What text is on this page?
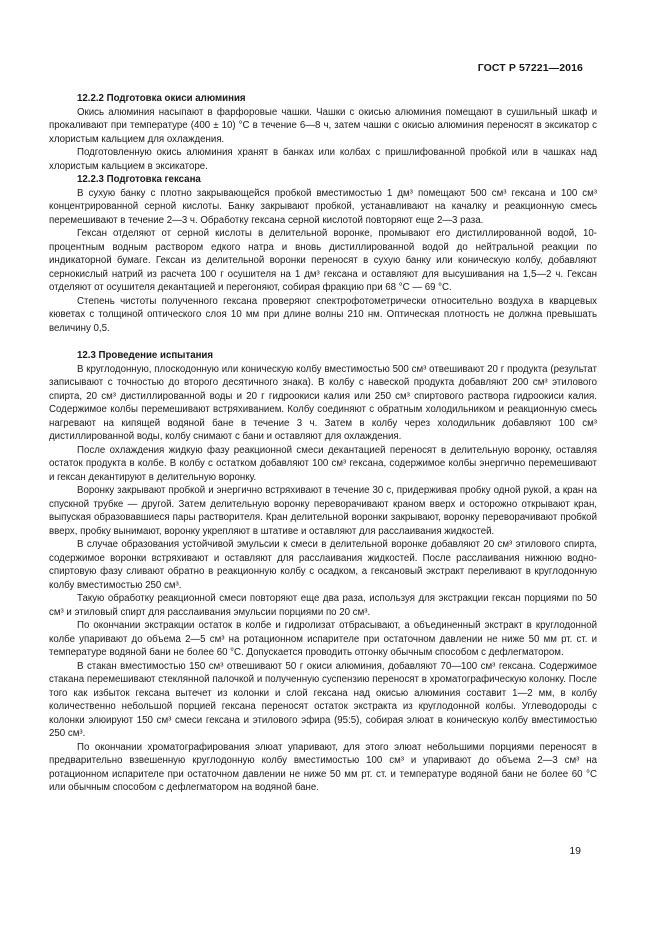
ГОСТ Р 57221—2016
12.2.2 Подготовка окиси алюминия

Окись алюминия насыпают в фарфоровые чашки. Чашки с окисью алюминия помещают в сушильный шкаф и прокаливают при температуре (400 ± 10) °C в течение 6—8 ч, затем чашки с окисью алюминия переносят в эксикатор с хлористым кальцием для охлаждения.

Подготовленную окись алюминия хранят в банках или колбах с пришлифованной пробкой или в чашках над хлористым кальцием в эксикаторе.

12.2.3 Подготовка гексана

В сухую банку с плотно закрывающейся пробкой вместимостью 1 дм³ помещают 500 см³ гексана и 100 см³ концентрированной серной кислоты. Банку закрывают пробкой, устанавливают на качалку и реакционную смесь перемешивают в течение 2—3 ч. Обработку гексана серной кислотой повторяют еще 2—3 раза.

Гексан отделяют от серной кислоты в делительной воронке, промывают его дистиллированной водой, 10-процентным водным раствором едкого натра и вновь дистиллированной водой до нейтральной реакции по индикаторной бумаге. Гексан из делительной воронки переносят в сухую банку или коническую колбу, добавляют сернокислый натрий из расчета 100 г осушителя на 1 дм³ гексана и оставляют для высушивания на 1,5—2 ч. Гексан отделяют от осушителя декантацией и перегоняют, собирая фракцию при 68 °C — 69 °C.

Степень чистоты полученного гексана проверяют спектрофотометрически относительно воздуха в кварцевых кюветах с толщиной оптического слоя 10 мм при длине волны 210 нм. Оптическая плотность не должна превышать величину 0,5.

12.3 Проведение испытания

В круглодонную, плоскодонную или коническую колбу вместимостью 500 см³ отвешивают 20 г продукта (результат записывают с точностью до второго десятичного знака). В колбу с навеской продукта добавляют 200 см³ этилового спирта, 20 см³ дистиллированной воды и 20 г гидроокиси калия или 250 см³ спиртового раствора гидроокиси калия. Содержимое колбы перемешивают встряхиванием. Колбу соединяют с обратным холодильником и реакционную смесь нагревают на кипящей водяной бане в течение 3 ч. Затем в колбу через холодильник добавляют 100 см³ дистиллированной воды, колбу снимают с бани и оставляют для охлаждения.

После охлаждения жидкую фазу реакционной смеси декантацией переносят в делительную воронку, оставляя остаток продукта в колбе. В колбу с остатком добавляют 100 см³ гексана, содержимое колбы энергично перемешивают и гексан декантируют в делительную воронку.

Воронку закрывают пробкой и энергично встряхивают в течение 30 с, придерживая пробку одной рукой, а кран на спускной трубке — другой. Затем делительную воронку переворачивают краном вверх и осторожно открывают кран, выпуская образовавшиеся пары растворителя. Кран делительной воронки закрывают, воронку переворачивают пробкой вверх, пробку вынимают, воронку укрепляют в штативе и оставляют для расслаивания жидкостей.

В случае образования устойчивой эмульсии к смеси в делительной воронке добавляют 20 см³ этилового спирта, содержимое воронки встряхивают и оставляют для расслаивания жидкостей. После расслаивания нижнюю водно-спиртовую фазу сливают обратно в реакционную колбу с осадком, а гексановый экстракт переливают в круглодонную колбу вместимостью 250 см³.

Такую обработку реакционной смеси повторяют еще два раза, используя для экстракции гексан порциями по 50 см³ и этиловый спирт для расслаивания эмульсии порциями по 20 см³.

По окончании экстракции остаток в колбе и гидролизат отбрасывают, а объединенный экстракт в круглодонной колбе упаривают до объема 2—5 см³ на ротационном испарителе при остаточном давлении не ниже 50 мм рт. ст. и температуре водяной бани не более 60 °C. Допускается проводить отгонку обычным способом с дефлегматором.

В стакан вместимостью 150 см³ отвешивают 50 г окиси алюминия, добавляют 70—100 см³ гексана. Содержимое стакана перемешивают стеклянной палочкой и полученную суспензию переносят в хроматографическую колонку. После того как избыток гексана вытечет из колонки и слой гексана над окисью алюминия составит 1—2 мм, в колбу количественно небольшой порцией гексана переносят остаток экстракта из круглодонной колбы. Углеводороды с колонки элюируют 150 см³ смеси гексана и этилового эфира (95:5), собирая элюат в коническую колбу вместимостью 250 см³.

По окончании хроматографирования элюат упаривают, для этого элюат небольшими порциями переносят в предварительно взвешенную круглодонную колбу вместимостью 100 см³ и упаривают до объема 2—3 см³ на ротационном испарителе при остаточном давлении не ниже 50 мм рт. ст. и температуре водяной бани не более 60 °C или обычным способом с дефлегматором на водяной бане.

19
